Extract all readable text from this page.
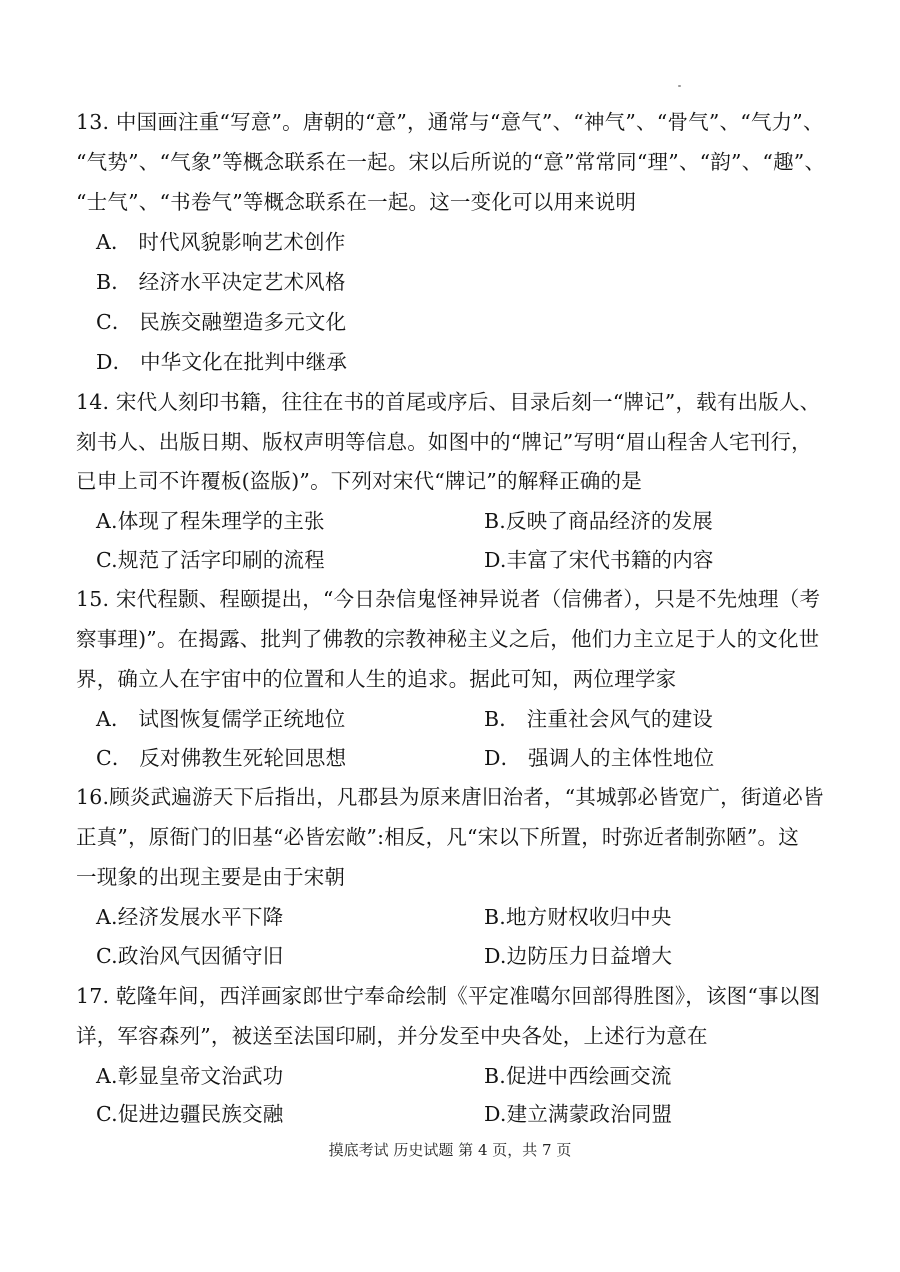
13. 中国画注重“写意”。唐朝的“意”，通常与“意气”、“神气”、“骨气”、“气力”、
“气势”、“气象”等概念联系在一起。宋以后所说的“意”常常同“理”、“韵”、“趣”、
“士气”、“书卷气”等概念联系在一起。这一变化可以用来说明
A． 时代风貌影响艺术创作
B． 经济水平决定艺术风格
C． 民族交融塑造多元文化
D． 中华文化在批判中继承
14. 宋代人刻印书籍，往往在书的首尾或序后、目录后刻一“牌记”，载有出版人、
刻书人、出版日期、版权声明等信息。如图中的“牌记”写明“眉山程舍人宅刊行，
已申上司不许覆板(盗版)”。下列对宋代“牌记”的解释正确的是
A.体现了程朱理学的主张	B.反映了商品经济的发展
C.规范了活字印刷的流程	D.丰富了宋代书籍的内容
15. 宋代程颢、程颐提出，“今日杂信鬼怪神异说者（信佛者），只是不先烛理（考
察事理)”。在揭露、批判了佛教的宗教神秘主义之后，他们力主立足于人的文化世
界，确立人在宇宙中的位置和人生的追求。据此可知，两位理学家
A． 试图恢复儒学正统地位	B． 注重社会风气的建设
C． 反对佛教生死轮回思想	D． 强调人的主体性地位
16.顾炎武遍游天下后指出，凡郡县为原来唐旧治者，“其城郭必皆宽广，街道必皆
正真”，原衙门的旧基“必皆宏敞”:相反，凡“宋以下所置，时弥近者制弥陋”。这
一现象的出现主要是由于宋朝
A.经济发展水平下降	B.地方财权收归中央
C.政治风气因循守旧	D.边防压力日益增大
17. 乾隆年间，西洋画家郎世宁奉命绘制《平定准噶尔回部得胜图》，该图“事以图
详，军容森列”，被送至法国印刷，并分发至中央各处，上述行为意在
A.彰显皇帝文治武功	B.促进中西绘画交流
C.促进边疆民族交融	D.建立满蒙政治同盟
摸底考试 历史试题 第 4 页，共 7 页
